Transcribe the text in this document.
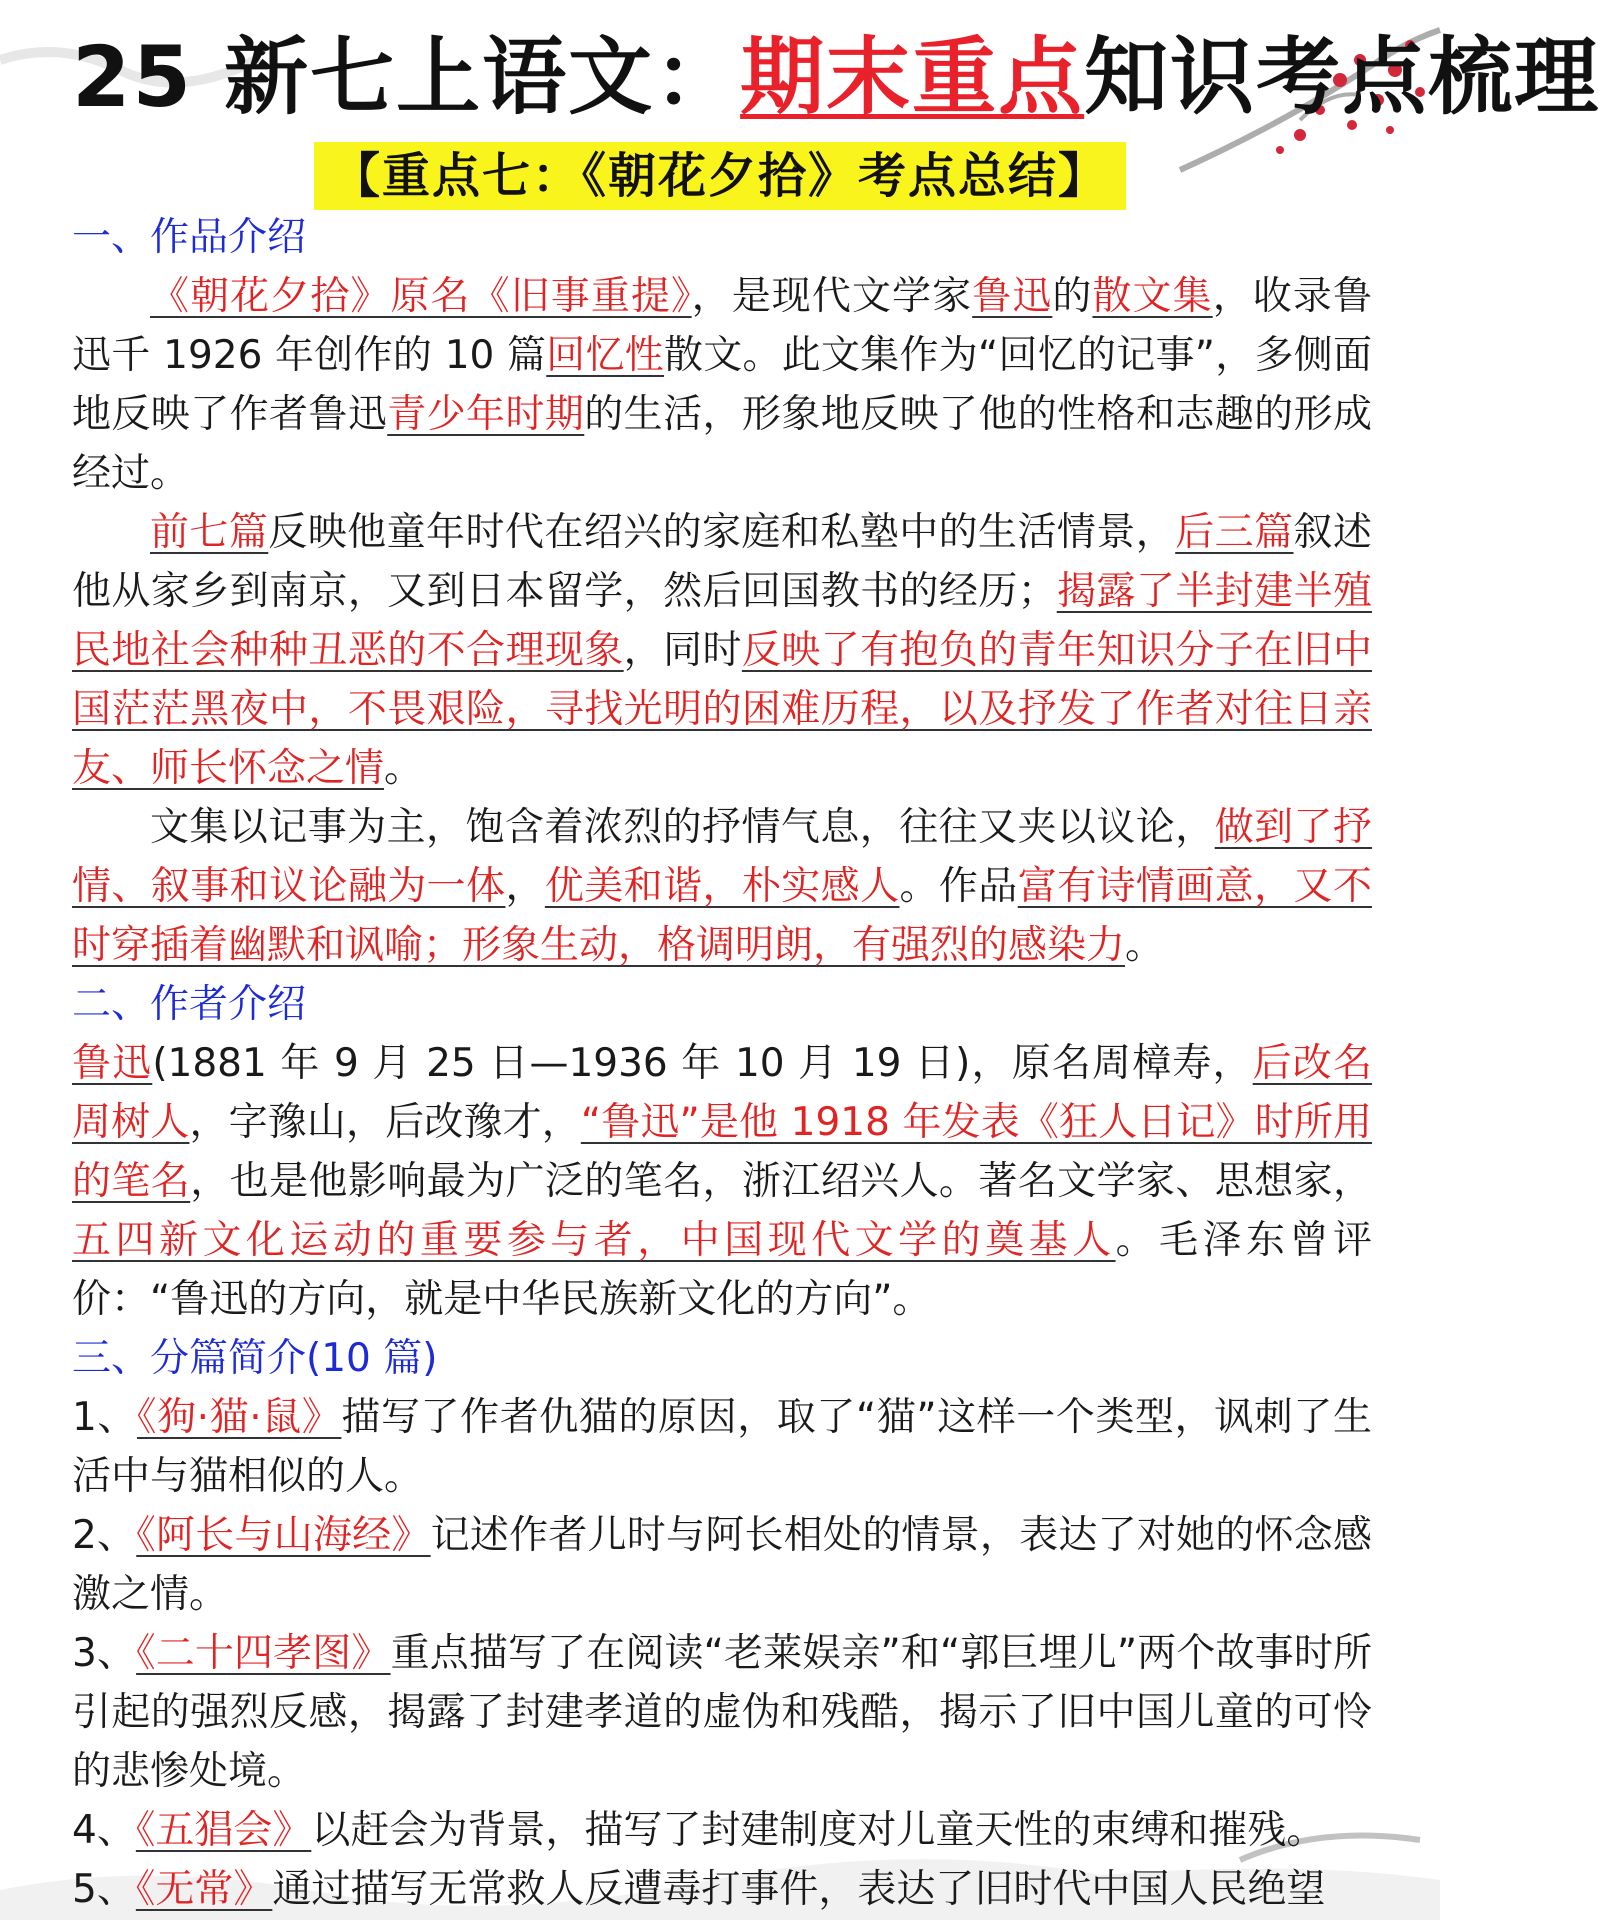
25 新七上语文：期末重点知识考点梳理
【重点七：《朝花夕拾》考点总结】
一、作品介绍

《朝花夕拾》原名《旧事重提》，是现代文学家鲁迅的散文集，收录鲁迅千 1926 年创作的 10 篇回忆性散文。此文集作为“回忆的记事”，多侧面地反映了作者鲁迅青少年时期的生活，形象地反映了他的性格和志趣的形成经过。

前七篇反映他童年时代在绍兴的家庭和私塾中的生活情景，后三篇叙述他从家乡到南京，又到日本留学，然后回国教书的经历；揭露了半封建半殖民地社会种种丑恶的不合理现象，同时反映了有抱负的青年知识分子在旧中国茫茫黑夜中，不畏艰险，寻找光明的困难历程，以及抒发了作者对往日亲友、师长怀念之情。

文集以记事为主，饱含着浓烈的抒情气息，往往又夹以议论，做到了抒情、叙事和议论融为一体，优美和谐，朴实感人。作品富有诗情画意，又不时穿插着幽默和讽喻；形象生动，格调明朗，有强烈的感染力。

二、作者介绍

鲁迅(1881 年 9 月 25 日—1936 年 10 月 19 日)，原名周樟寿，后改名周树人，字豫山，后改豫才，“鲁迅”是他 1918 年发表《狂人日记》时所用的笔名，也是他影响最为广泛的笔名，浙江绍兴人。著名文学家、思想家，五四新文化运动的重要参与者，中国现代文学的奠基人。毛泽东曾评价：“鲁迅的方向，就是中华民族新文化的方向”。

三、分篇简介(10 篇)

1、《狗·猫·鼠》描写了作者仇猫的原因，取了“猫”这样一个类型，讽刺了生活中与猫相似的人。

2、《阿长与山海经》记述作者儿时与阿长相处的情景，表达了对她的怀念感激之情。

3、《二十四孝图》重点描写了在阅读“老莱娱亲”和“郭巨埋儿”两个故事时所引起的强烈反感，揭露了封建孝道的虚伪和残酷，揭示了旧中国儿童的可怜的悲惨处境。

4、《五猖会》以赶会为背景，描写了封建制度对儿童天性的束缚和摧残。

5、《无常》通过描写无常救人反遭毒打事件，表达了旧时代中国人民绝望
